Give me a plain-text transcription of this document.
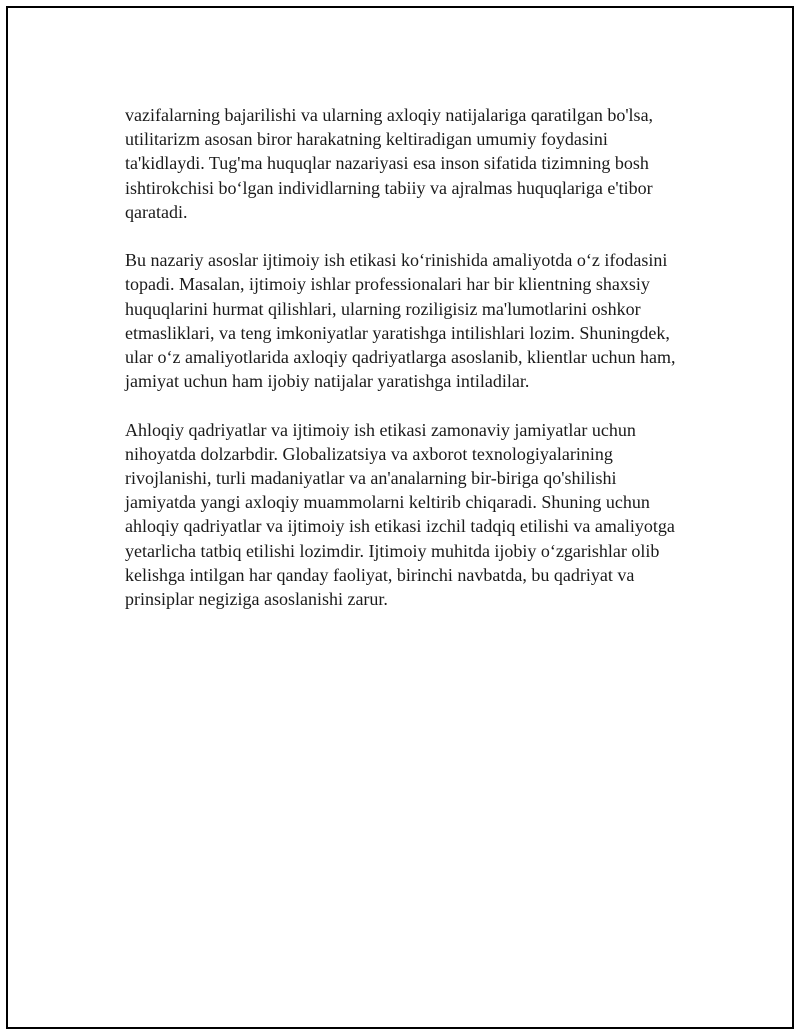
vazifalarning bajarilishi va ularning axloqiy natijalariga qaratilgan bo'lsa,
utilitarizm asosan biror harakatning keltiradigan umumiy foydasini
ta'kidlaydi. Tug'ma huquqlar nazariyasi esa inson sifatida tizimning bosh
ishtirokchisi bo‘lgan individlarning tabiiy va ajralmas huquqlariga e'tibor
qaratadi.

Bu nazariy asoslar ijtimoiy ish etikasi ko‘rinishida amaliyotda o‘z ifodasini
topadi. Masalan, ijtimoiy ishlar professionalari har bir klientning shaxsiy
huquqlarini hurmat qilishlari, ularning roziligisiz ma'lumotlarini oshkor
etmasliklari, va teng imkoniyatlar yaratishga intilishlari lozim. Shuningdek,
ular o‘z amaliyotlarida axloqiy qadriyatlarga asoslanib, klientlar uchun ham,
jamiyat uchun ham ijobiy natijalar yaratishga intiladilar.

Ahloqiy qadriyatlar va ijtimoiy ish etikasi zamonaviy jamiyatlar uchun
nihoyatda dolzarbdir. Globalizatsiya va axborot texnologiyalarining
rivojlanishi, turli madaniyatlar va an'analarning bir-biriga qo'shilishi
jamiyatda yangi axloqiy muammolarni keltirib chiqaradi. Shuning uchun
ahloqiy qadriyatlar va ijtimoiy ish etikasi izchil tadqiq etilishi va amaliyotga
yetarlicha tatbiq etilishi lozimdir. Ijtimoiy muhitda ijobiy o‘zgarishlar olib
kelishga intilgan har qanday faoliyat, birinchi navbatda, bu qadriyat va
prinsiplar negiziga asoslanishi zarur.
